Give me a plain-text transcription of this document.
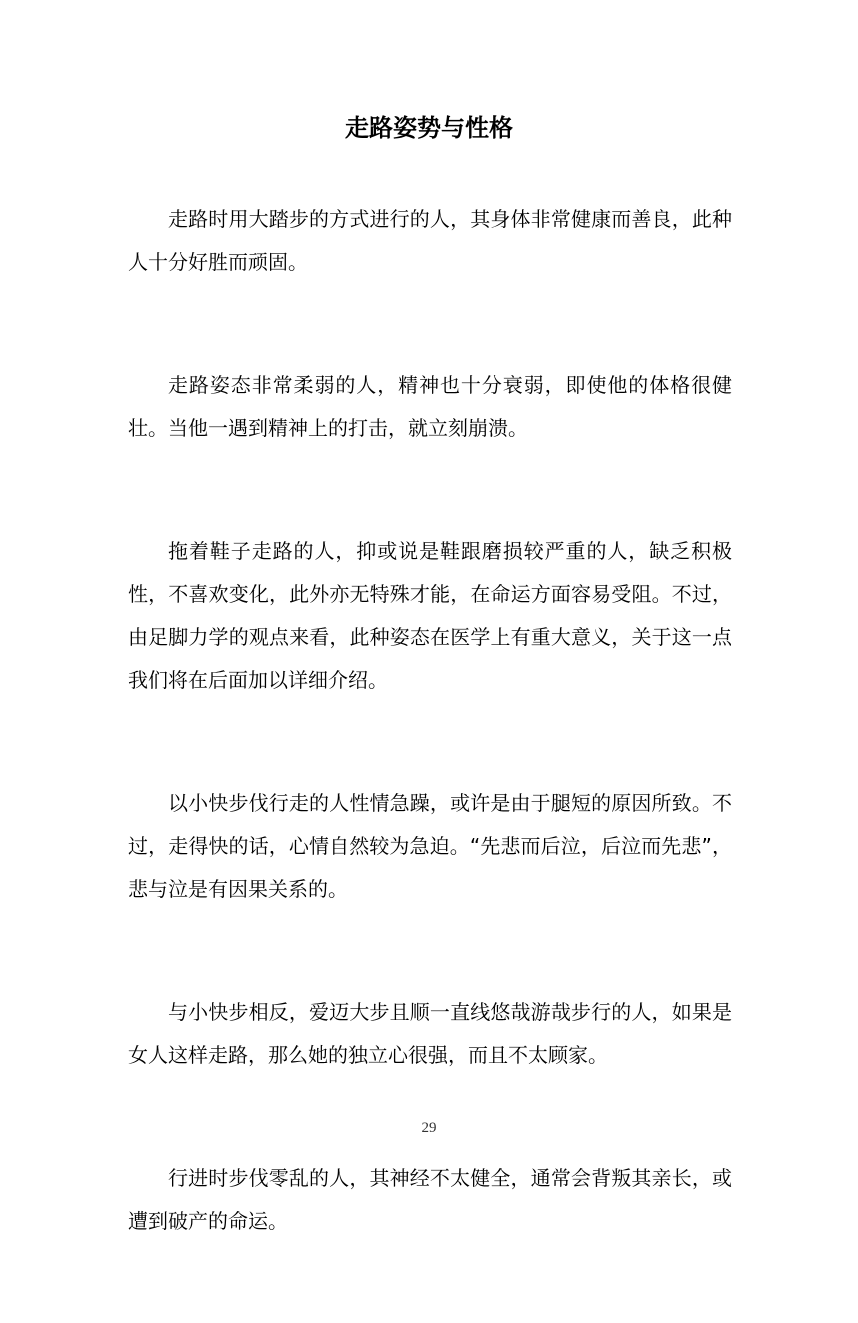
走路姿势与性格

走路时用大踏步的方式进行的人，其身体非常健康而善良，此种人十分好胜而顽固。

走路姿态非常柔弱的人，精神也十分衰弱，即使他的体格很健壮。当他一遇到精神上的打击，就立刻崩溃。

拖着鞋子走路的人，抑或说是鞋跟磨损较严重的人，缺乏积极性，不喜欢变化，此外亦无特殊才能，在命运方面容易受阻。不过，由足脚力学的观点来看，此种姿态在医学上有重大意义，关于这一点我们将在后面加以详细介绍。

以小快步伐行走的人性情急躁，或许是由于腿短的原因所致。不过，走得快的话，心情自然较为急迫。“先悲而后泣，后泣而先悲”，悲与泣是有因果关系的。

与小快步相反，爱迈大步且顺一直线悠哉游哉步行的人，如果是女人这样走路，那么她的独立心很强，而且不太顾家。

行进时步伐零乱的人，其神经不太健全，通常会背叛其亲长，或遭到破产的命运。

29
